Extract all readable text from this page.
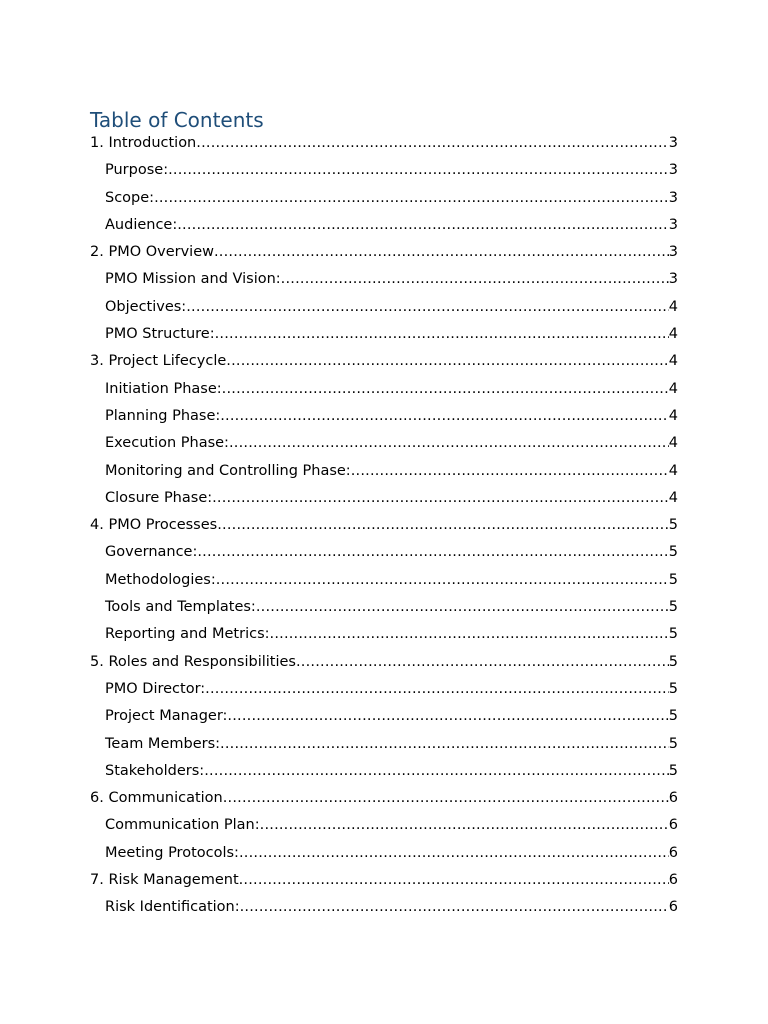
Table of Contents
1. Introduction .....	3
Purpose: .....	3
Scope: .....	3
Audience: .....	3
2. PMO Overview .....	3
PMO Mission and Vision: .....	3
Objectives: .....	4
PMO Structure: .....	4
3. Project Lifecycle .....	4
Initiation Phase: .....	4
Planning Phase: .....	4
Execution Phase: .....	4
Monitoring and Controlling Phase: .....	4
Closure Phase: .....	4
4. PMO Processes .....	5
Governance: .....	5
Methodologies: .....	5
Tools and Templates: .....	5
Reporting and Metrics: .....	5
5. Roles and Responsibilities .....	5
PMO Director: .....	5
Project Manager: .....	5
Team Members: .....	5
Stakeholders: .....	5
6. Communication .....	6
Communication Plan: .....	6
Meeting Protocols: .....	6
7. Risk Management .....	6
Risk Identification: .....	6
